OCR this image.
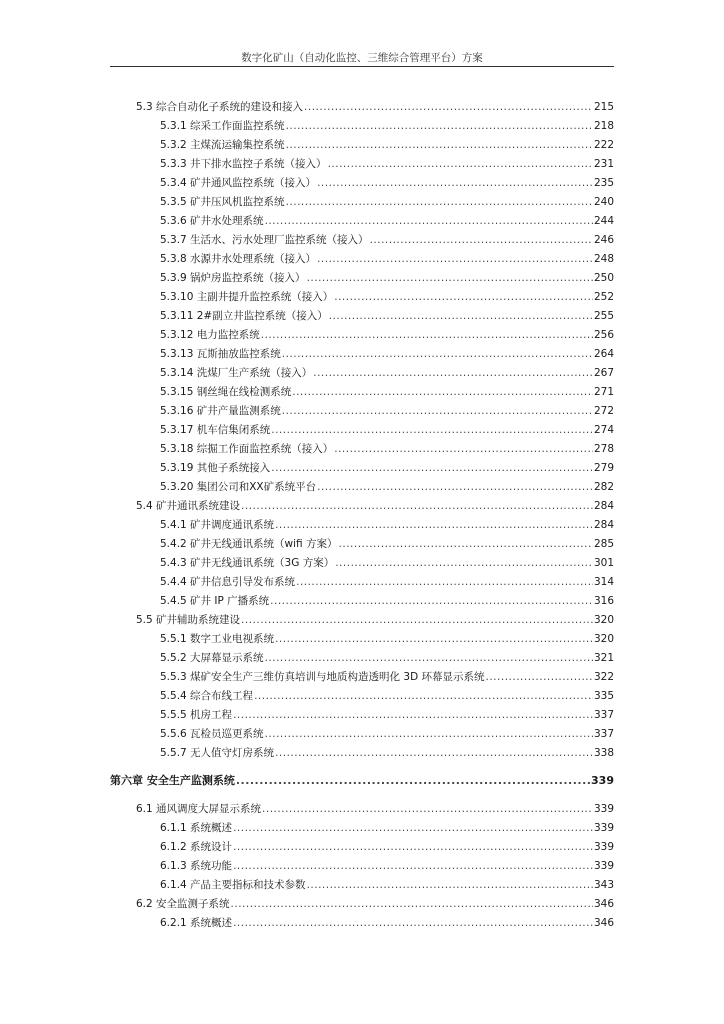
数字化矿山（自动化监控、三维综合管理平台）方案
5.3 综合自动化子系统的建设和接入 .....	215
5.3.1 综采工作面监控系统 .....	218
5.3.2 主煤流运输集控系统 .....	222
5.3.3 井下排水监控子系统（接入） .....	231
5.3.4 矿井通风监控系统（接入） .....	235
5.3.5 矿井压风机监控系统 .....	240
5.3.6 矿井水处理系统 .....	244
5.3.7 生活水、污水处理厂监控系统（接入） .....	246
5.3.8 水源井水处理系统（接入） .....	248
5.3.9 锅炉房监控系统（接入） .....	250
5.3.10 主副井提升监控系统（接入） .....	252
5.3.11 2#副立井监控系统（接入） .....	255
5.3.12 电力监控系统 .....	256
5.3.13 瓦斯抽放监控系统 .....	264
5.3.14 洗煤厂生产系统（接入） .....	267
5.3.15 钢丝绳在线检测系统 .....	271
5.3.16 矿井产量监测系统 .....	272
5.3.17 机车信集闭系统 .....	274
5.3.18 综掘工作面监控系统（接入） .....	278
5.3.19 其他子系统接入 .....	279
5.3.20 集团公司和XX矿系统平台 .....	282
5.4 矿井通讯系统建设 .....	284
5.4.1 矿井调度通讯系统 .....	284
5.4.2 矿井无线通讯系统（wifi 方案） .....	285
5.4.3 矿井无线通讯系统（3G 方案） .....	301
5.4.4 矿井信息引导发布系统 .....	314
5.4.5 矿井 IP 广播系统 .....	316
5.5 矿井辅助系统建设 .....	320
5.5.1 数字工业电视系统 .....	320
5.5.2 大屏幕显示系统 .....	321
5.5.3 煤矿安全生产三维仿真培训与地质构造透明化 3D 环幕显示系统 .....	322
5.5.4 综合布线工程 .....	335
5.5.5 机房工程 .....	337
5.5.6 瓦检员巡更系统 .....	337
5.5.7 无人值守灯房系统 .....	338
第六章 安全生产监测系统 .....	339
6.1 通风调度大屏显示系统 .....	339
6.1.1 系统概述 .....	339
6.1.2 系统设计 .....	339
6.1.3 系统功能 .....	339
6.1.4 产品主要指标和技术参数 .....	343
6.2 安全监测子系统 .....	346
6.2.1 系统概述 .....	346
